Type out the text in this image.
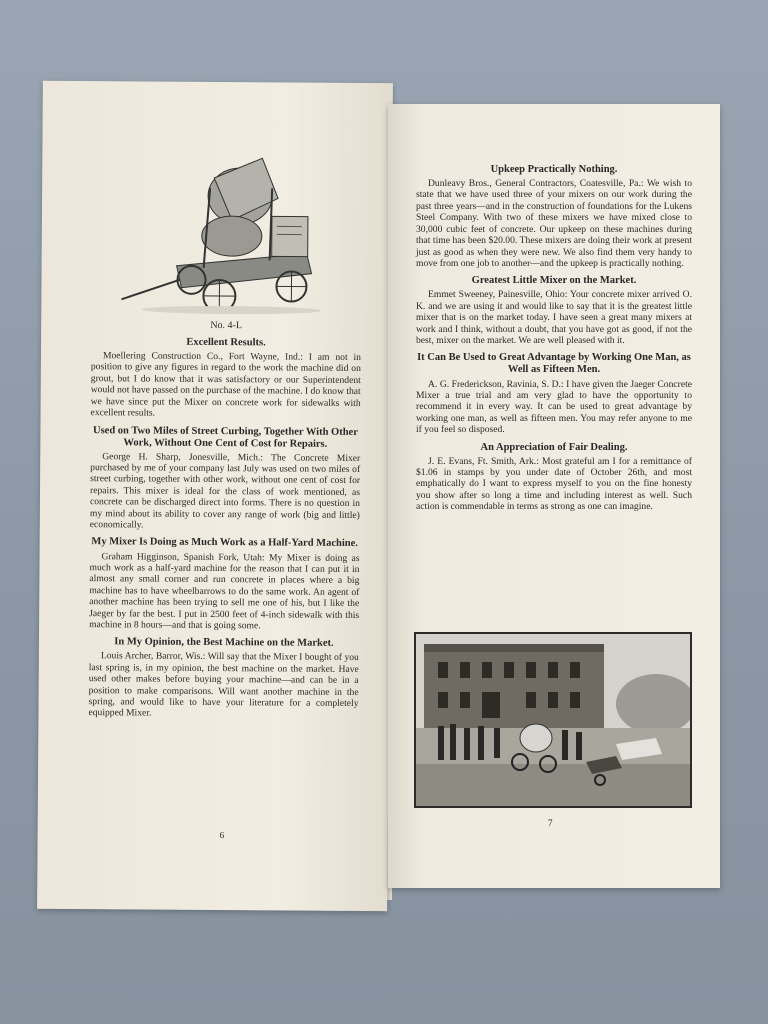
No. 4-L
Excellent Results.

Moellering Construction Co., Fort Wayne, Ind.: I am not in position to give any figures in regard to the work the machine did on grout, but I do know that it was satisfactory or our Superintendent would not have passed on the purchase of the machine. I do know that we have since put the Mixer on concrete work for sidewalks with excellent results.

Used on Two Miles of Street Curbing, Together With Other Work, Without One Cent of Cost for Repairs.

George H. Sharp, Jonesville, Mich.: The Concrete Mixer purchased by me of your company last July was used on two miles of street curbing, together with other work, without one cent of cost for repairs. This mixer is ideal for the class of work mentioned, as concrete can be discharged direct into forms. There is no question in my mind about its ability to cover any range of work (big and little) economically.

My Mixer Is Doing as Much Work as a Half-Yard Machine.

Graham Higginson, Spanish Fork, Utah: My Mixer is doing as much work as a half-yard machine for the reason that I can put it in almost any small corner and run concrete in places where a big machine has to have wheelbarrows to do the same work. An agent of another machine has been trying to sell me one of his, but I like the Jaeger by far the best. I put in 2500 feet of 4-inch sidewalk with this machine in 8 hours—and that is going some.

In My Opinion, the Best Machine on the Market.

Louis Archer, Barror, Wis.: Will say that the Mixer I bought of you last spring is, in my opinion, the best machine on the market. Have used other makes before buying your machine—and can be in a position to make comparisons. Will want another machine in the spring, and would like to have your literature for a completely equipped Mixer.

6
Upkeep Practically Nothing.

Dunleavy Bros., General Contractors, Coatesville, Pa.: We wish to state that we have used three of your mixers on our work during the past three years—and in the construction of foundations for the Lukens Steel Company. With two of these mixers we have mixed close to 30,000 cubic feet of concrete. Our upkeep on these machines during that time has been $20.00. These mixers are doing their work at present just as good as when they were new. We also find them very handy to move from one job to another—and the upkeep is practically nothing.

Greatest Little Mixer on the Market.

Emmet Sweeney, Painesville, Ohio: Your concrete mixer arrived O. K. and we are using it and would like to say that it is the greatest little mixer that is on the market today. I have seen a great many mixers at work and I think, without a doubt, that you have got as good, if not the best, mixer on the market. We are well pleased with it.

It Can Be Used to Great Advantage by Working One Man, as Well as Fifteen Men.

A. G. Frederickson, Ravinia, S. D.: I have given the Jaeger Concrete Mixer a true trial and am very glad to have the opportunity to recommend it in every way. It can be used to great advantage by working one man, as well as fifteen men. You may refer anyone to me if you feel so disposed.

An Appreciation of Fair Dealing.

J. E. Evans, Ft. Smith, Ark.: Most grateful am I for a remittance of $1.06 in stamps by you under date of October 26th, and most emphatically do I want to express myself to you on the fine honesty you show after so long a time and including interest as well. Such action is commendable in terms as strong as one can imagine.

7
